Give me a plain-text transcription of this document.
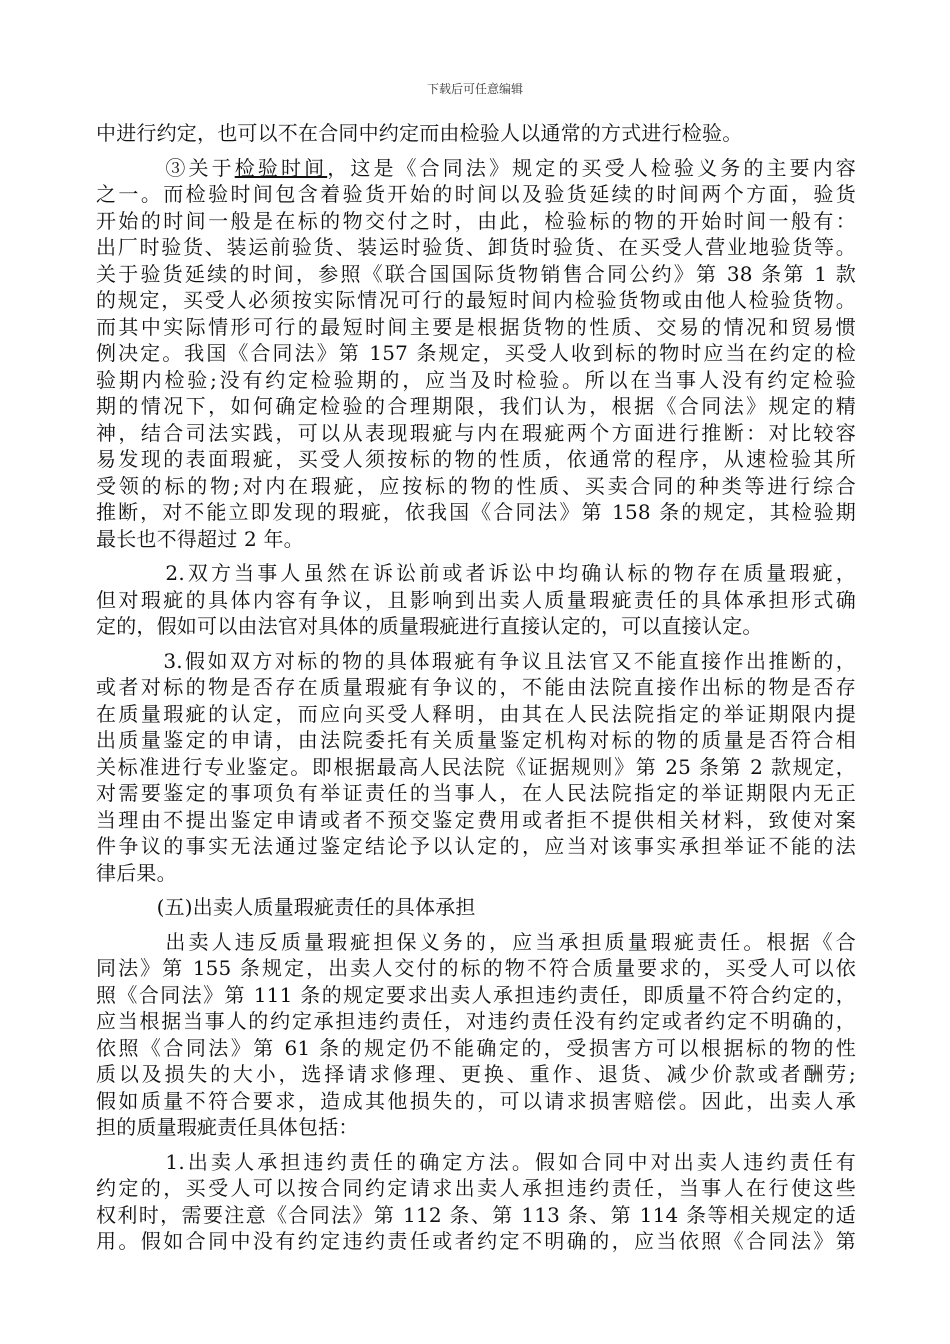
下载后可任意编辑
中进行约定，也可以不在合同中约定而由检验人以通常的方式进行检验。
　　　③关于检验时间，这是《合同法》规定的买受人检验义务的主要内容
之一。而检验时间包含着验货开始的时间以及验货延续的时间两个方面，验货
开始的时间一般是在标的物交付之时，由此，检验标的物的开始时间一般有：
出厂时验货、装运前验货、装运时验货、卸货时验货、在买受人营业地验货等。
关于验货延续的时间，参照《联合国国际货物销售合同公约》第 38 条第 1 款
的规定，买受人必须按实际情况可行的最短时间内检验货物或由他人检验货物。
而其中实际情形可行的最短时间主要是根据货物的性质、交易的情况和贸易惯
例决定。我国《合同法》第 157 条规定，买受人收到标的物时应当在约定的检
验期内检验;没有约定检验期的，应当及时检验。所以在当事人没有约定检验
期的情况下，如何确定检验的合理期限，我们认为，根据《合同法》规定的精
神，结合司法实践，可以从表现瑕疵与内在瑕疵两个方面进行推断：对比较容
易发现的表面瑕疵，买受人须按标的物的性质，依通常的程序，从速检验其所
受领的标的物;对内在瑕疵，应按标的物的性质、买卖合同的种类等进行综合
推断，对不能立即发现的瑕疵，依我国《合同法》第 158 条的规定，其检验期
最长也不得超过 2 年。
　　　2.双方当事人虽然在诉讼前或者诉讼中均确认标的物存在质量瑕疵，
但对瑕疵的具体内容有争议，且影响到出卖人质量瑕疵责任的具体承担形式确
定的，假如可以由法官对具体的质量瑕疵进行直接认定的，可以直接认定。
　　　3.假如双方对标的物的具体瑕疵有争议且法官又不能直接作出推断的，
或者对标的物是否存在质量瑕疵有争议的，不能由法院直接作出标的物是否存
在质量瑕疵的认定，而应向买受人释明，由其在人民法院指定的举证期限内提
出质量鉴定的申请，由法院委托有关质量鉴定机构对标的物的质量是否符合相
关标准进行专业鉴定。即根据最高人民法院《证据规则》第 25 条第 2 款规定，
对需要鉴定的事项负有举证责任的当事人，在人民法院指定的举证期限内无正
当理由不提出鉴定申请或者不预交鉴定费用或者拒不提供相关材料，致使对案
件争议的事实无法通过鉴定结论予以认定的，应当对该事实承担举证不能的法
律后果。
　　　(五)出卖人质量瑕疵责任的具体承担
　　　出卖人违反质量瑕疵担保义务的，应当承担质量瑕疵责任。根据《合
同法》第 155 条规定，出卖人交付的标的物不符合质量要求的，买受人可以依
照《合同法》第 111 条的规定要求出卖人承担违约责任，即质量不符合约定的，
应当根据当事人的约定承担违约责任，对违约责任没有约定或者约定不明确的，
依照《合同法》第 61 条的规定仍不能确定的，受损害方可以根据标的物的性
质以及损失的大小，选择请求修理、更换、重作、退货、减少价款或者酬劳;
假如质量不符合要求，造成其他损失的，可以请求损害赔偿。因此，出卖人承
担的质量瑕疵责任具体包括：
　　　1.出卖人承担违约责任的确定方法。假如合同中对出卖人违约责任有
约定的，买受人可以按合同约定请求出卖人承担违约责任，当事人在行使这些
权利时，需要注意《合同法》第 112 条、第 113 条、第 114 条等相关规定的适
用。假如合同中没有约定违约责任或者约定不明确的，应当依照《合同法》第
